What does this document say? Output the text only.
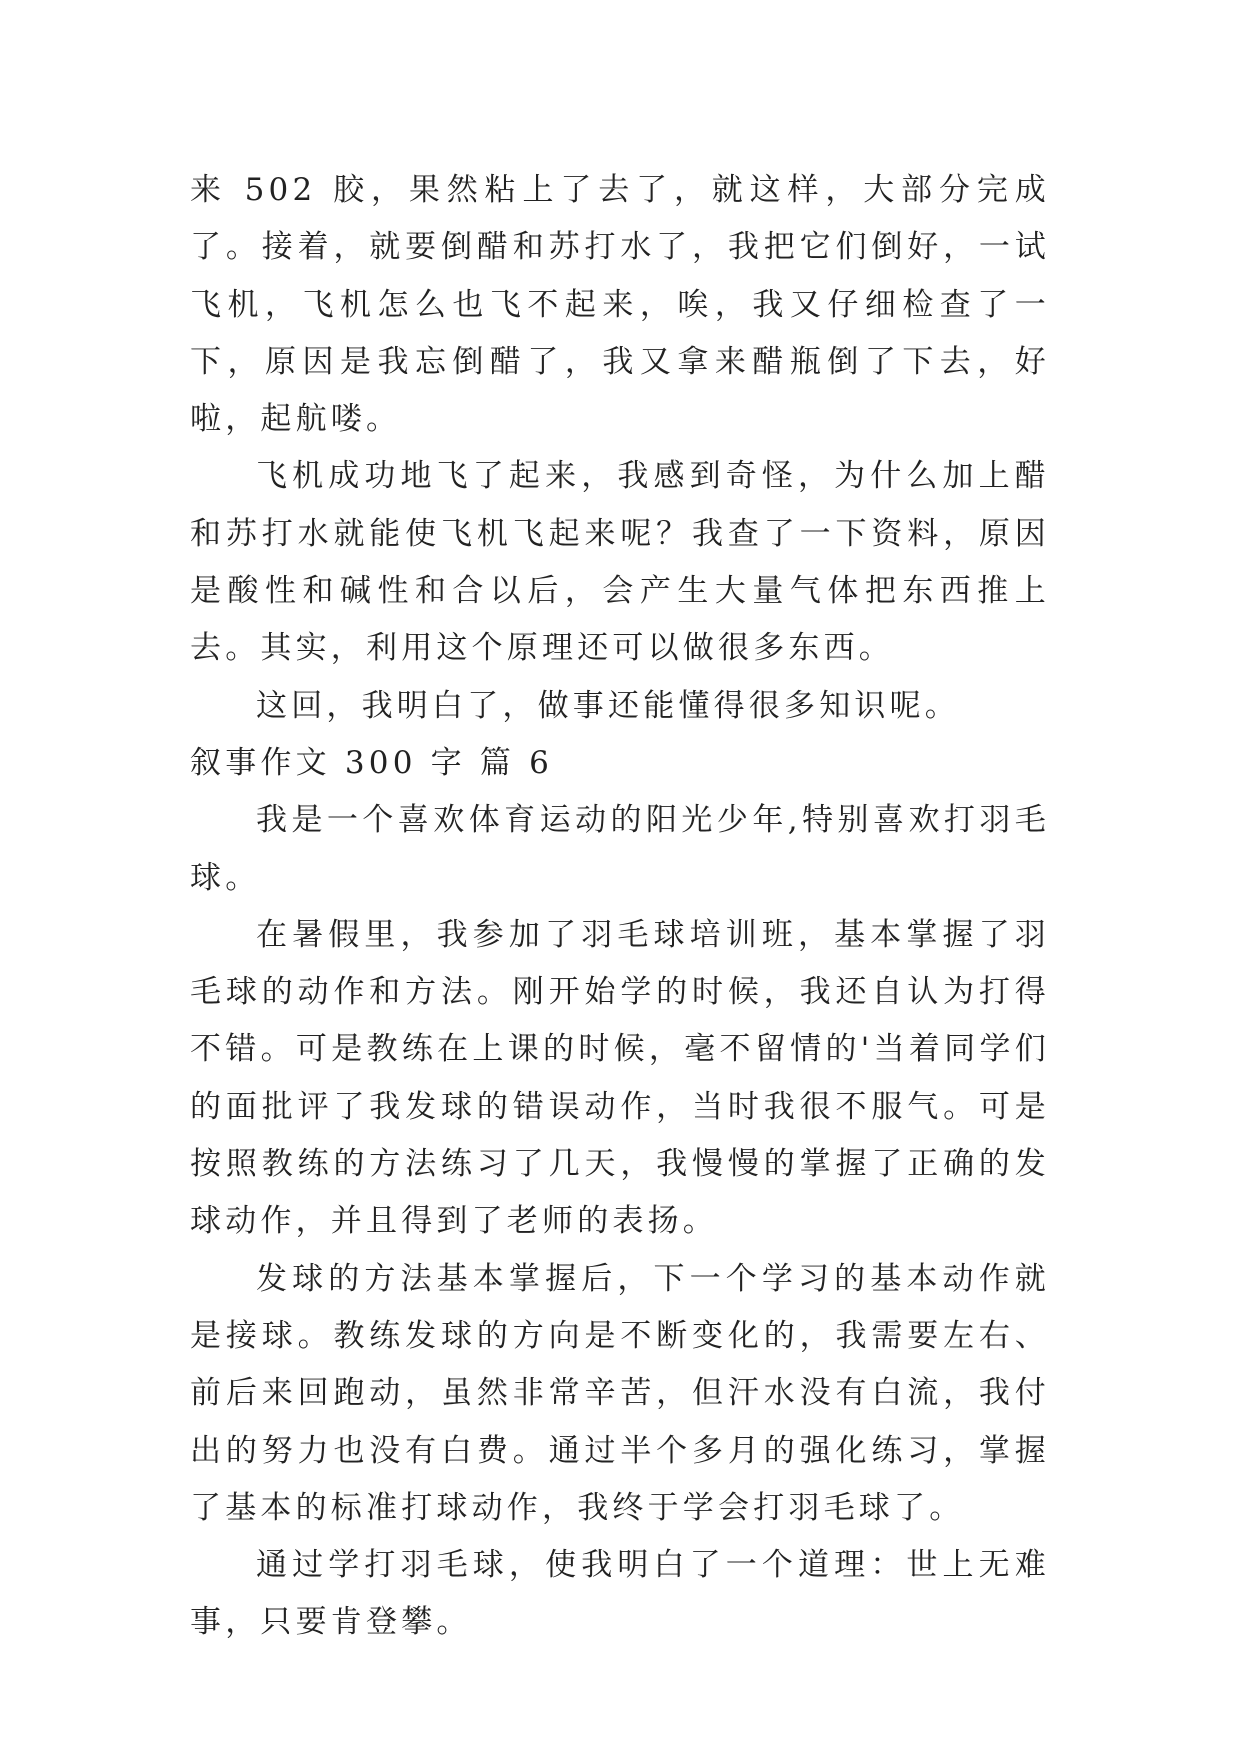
来 502 胶，果然粘上了去了，就这样，大部分完成了。接着，就要倒醋和苏打水了，我把它们倒好，一试飞机，飞机怎么也飞不起来，唉，我又仔细检查了一下，原因是我忘倒醋了，我又拿来醋瓶倒了下去，好啦，起航喽。

飞机成功地飞了起来，我感到奇怪，为什么加上醋和苏打水就能使飞机飞起来呢？我查了一下资料，原因是酸性和碱性和合以后，会产生大量气体把东西推上去。其实，利用这个原理还可以做很多东西。

这回，我明白了，做事还能懂得很多知识呢。

叙事作文 300 字 篇 6

我是一个喜欢体育运动的阳光少年,特别喜欢打羽毛球。

在暑假里，我参加了羽毛球培训班，基本掌握了羽毛球的动作和方法。刚开始学的时候，我还自认为打得不错。可是教练在上课的时候，毫不留情的'当着同学们的面批评了我发球的错误动作，当时我很不服气。可是按照教练的方法练习了几天，我慢慢的掌握了正确的发球动作，并且得到了老师的表扬。

发球的方法基本掌握后，下一个学习的基本动作就是接球。教练发球的方向是不断变化的，我需要左右、前后来回跑动，虽然非常辛苦，但汗水没有白流，我付出的努力也没有白费。通过半个多月的强化练习，掌握了基本的标准打球动作，我终于学会打羽毛球了。

通过学打羽毛球，使我明白了一个道理：世上无难事，只要肯登攀。
